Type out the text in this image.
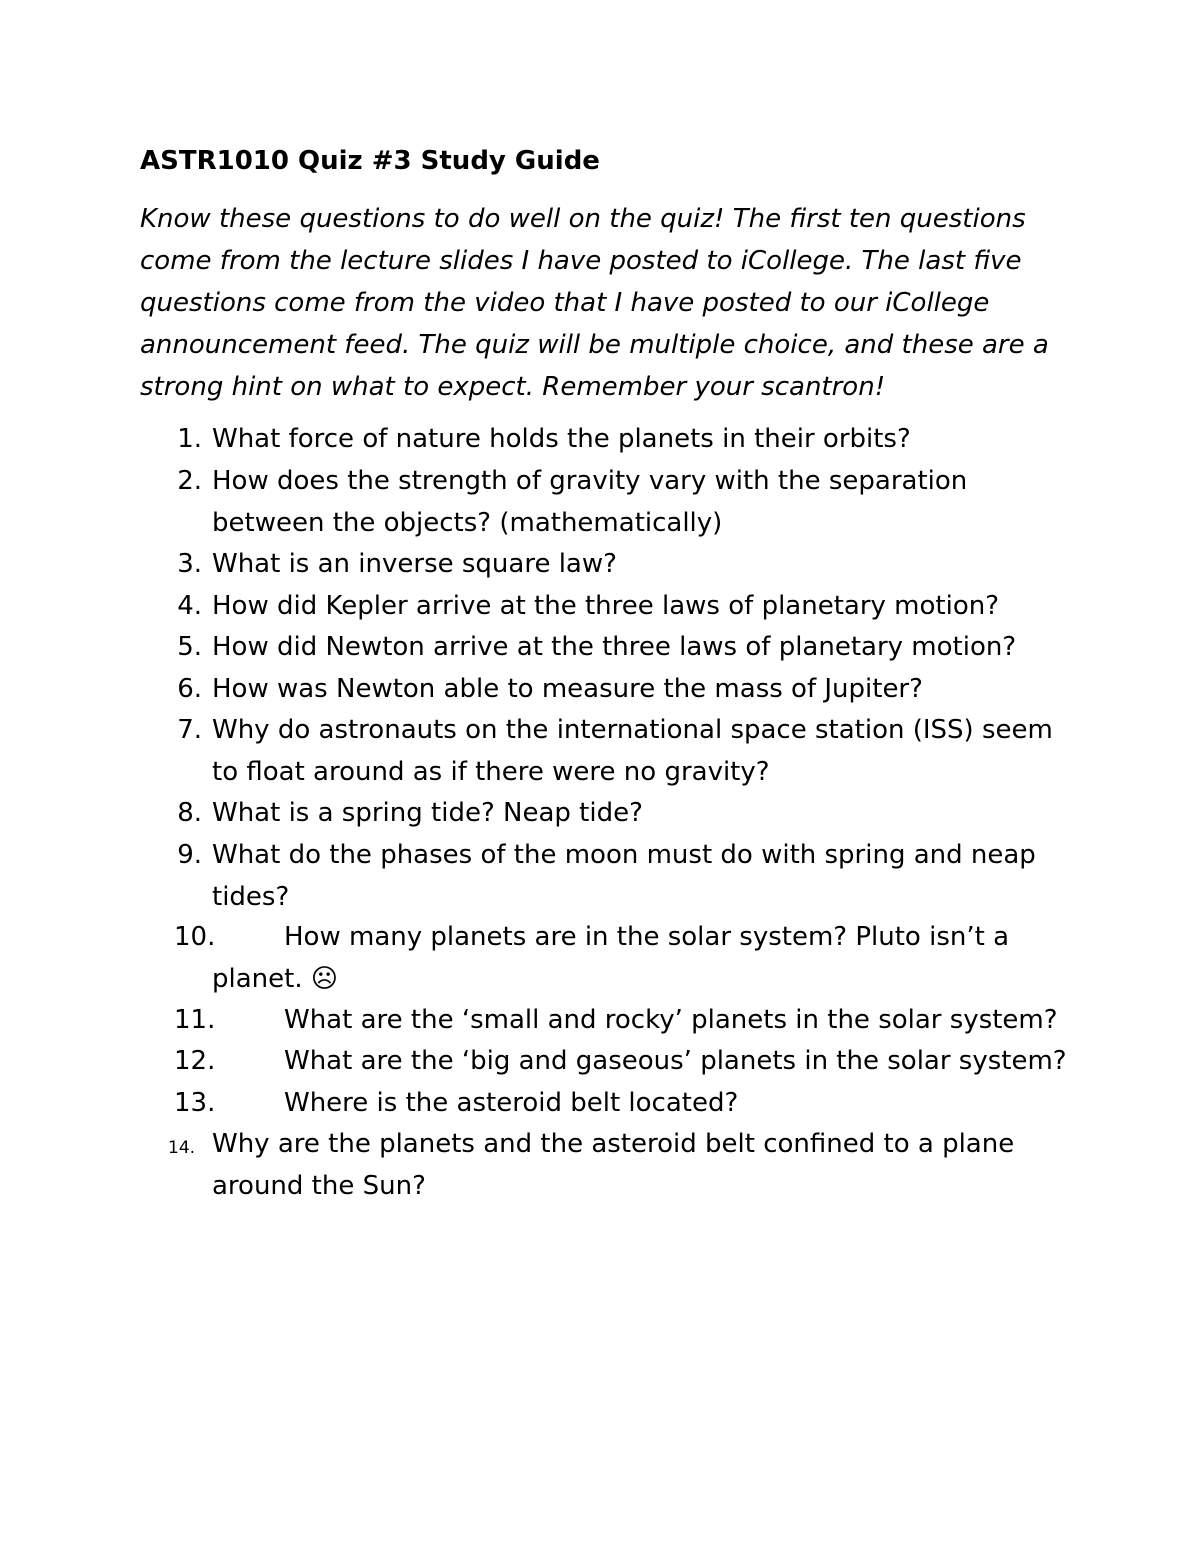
ASTR1010 Quiz #3 Study Guide
Know these questions to do well on the quiz! The first ten questions
come from the lecture slides I have posted to iCollege. The last five
questions come from the video that I have posted to our iCollege
announcement feed. The quiz will be multiple choice, and these are a
strong hint on what to expect. Remember your scantron!
1. What force of nature holds the planets in their orbits?
2. How does the strength of gravity vary with the separation
between the objects? (mathematically)
3. What is an inverse square law?
4. How did Kepler arrive at the three laws of planetary motion?
5. How did Newton arrive at the three laws of planetary motion?
6. How was Newton able to measure the mass of Jupiter?
7. Why do astronauts on the international space station (ISS) seem
to float around as if there were no gravity?
8. What is a spring tide? Neap tide?
9. What do the phases of the moon must do with spring and neap
tides?
10.	How many planets are in the solar system? Pluto isn’t a
planet. ☹
11.	What are the ‘small and rocky’ planets in the solar system?
12.	What are the ‘big and gaseous’ planets in the solar system?
13.	Where is the asteroid belt located?
14. Why are the planets and the asteroid belt confined to a plane
around the Sun?
